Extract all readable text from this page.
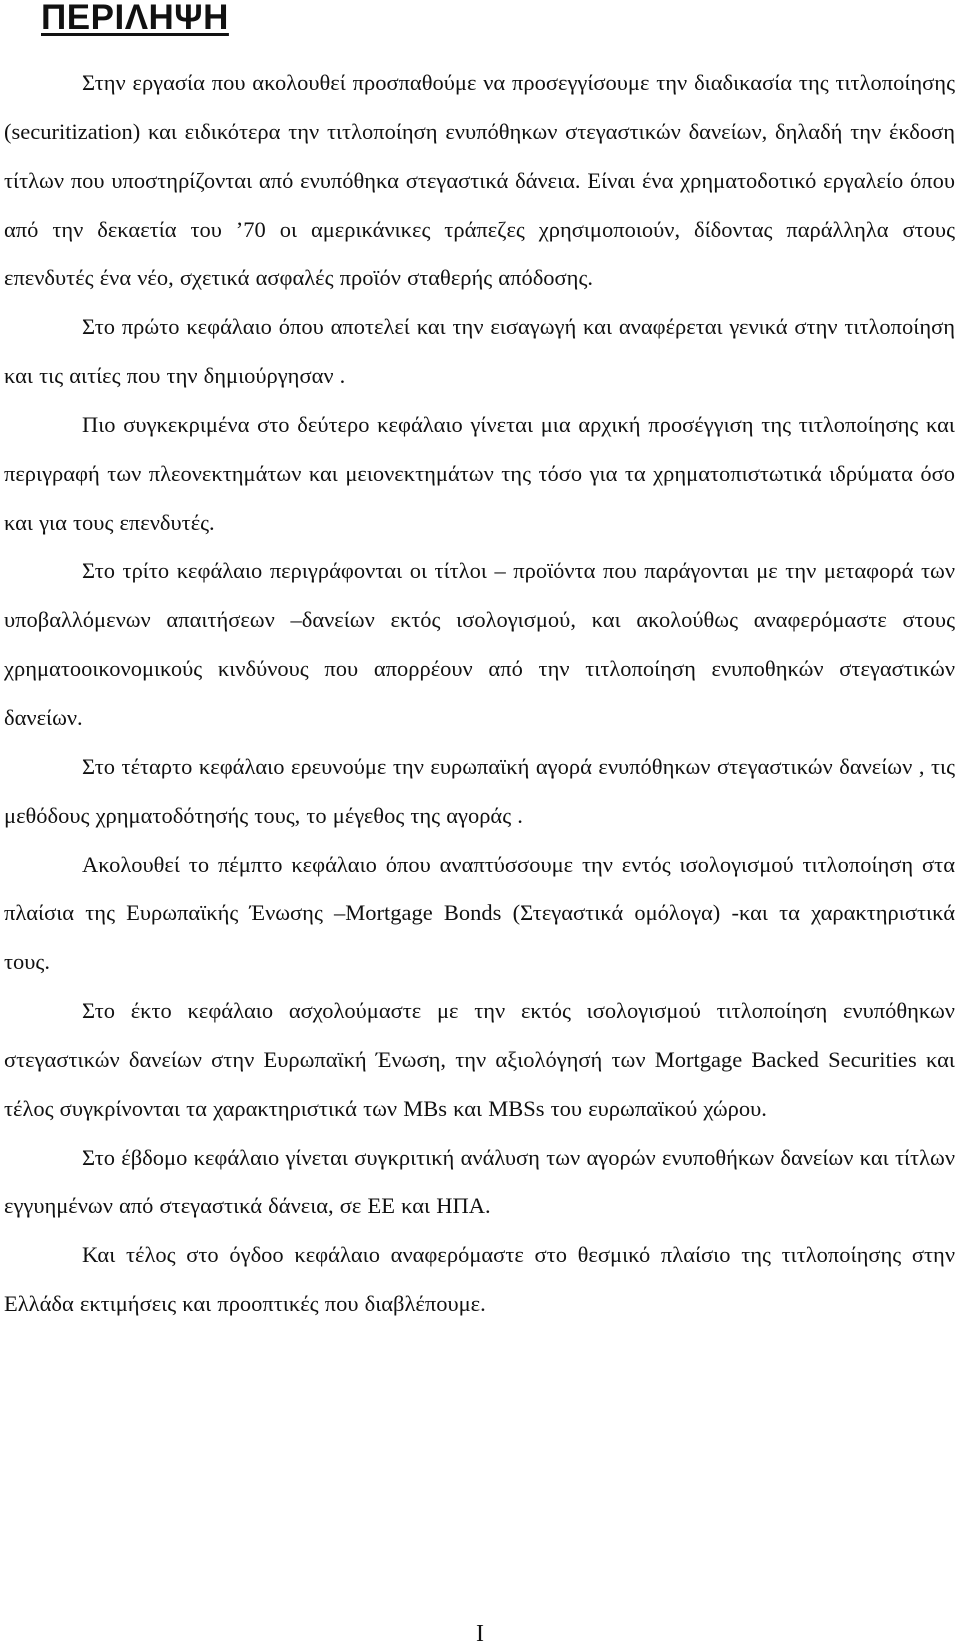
ΠΕΡΙΛΗΨΗ

Στην εργασία που ακολουθεί προσπαθούμε να προσεγγίσουμε την διαδικασία της τιτλοποίησης (securitization) και ειδικότερα την τιτλοποίηση ενυπόθηκων στεγαστικών δανείων, δηλαδή την έκδοση τίτλων που υποστηρίζονται από ενυπόθηκα στεγαστικά δάνεια. Είναι ένα χρηματοδοτικό εργαλείο όπου από την δεκαετία του ’70 οι αμερικάνικες τράπεζες χρησιμοποιούν, δίδοντας παράλληλα στους επενδυτές ένα νέο, σχετικά ασφαλές προϊόν σταθερής απόδοσης.

Στο πρώτο κεφάλαιο όπου αποτελεί και την εισαγωγή και αναφέρεται γενικά στην τιτλοποίηση και τις αιτίες που την δημιούργησαν .

Πιο συγκεκριμένα στο δεύτερο κεφάλαιο γίνεται μια αρχική προσέγγιση της τιτλοποίησης και περιγραφή των πλεονεκτημάτων και μειονεκτημάτων της τόσο για τα χρηματοπιστωτικά ιδρύματα όσο και για τους επενδυτές.

Στο τρίτο κεφάλαιο περιγράφονται οι τίτλοι – προϊόντα που παράγονται με την μεταφορά των υποβαλλόμενων απαιτήσεων –δανείων εκτός ισολογισμού, και ακολούθως αναφερόμαστε στους χρηματοοικονομικούς κινδύνους που απορρέουν από την τιτλοποίηση ενυποθηκών στεγαστικών δανείων.

Στο τέταρτο κεφάλαιο ερευνούμε την ευρωπαϊκή αγορά ενυπόθηκων στεγαστικών δανείων , τις μεθόδους χρηματοδότησής τους, το μέγεθος της αγοράς .

Ακολουθεί το πέμπτο κεφάλαιο όπου αναπτύσσουμε την εντός ισολογισμού τιτλοποίηση στα πλαίσια της Ευρωπαϊκής Ένωσης –Mortgage Bonds (Στεγαστικά ομόλογα) -και τα χαρακτηριστικά τους.

Στο έκτο κεφάλαιο ασχολούμαστε με την εκτός ισολογισμού τιτλοποίηση ενυπόθηκων στεγαστικών δανείων στην Ευρωπαϊκή Ένωση, την αξιολόγησή των Mortgage Backed Securities και τέλος συγκρίνονται τα χαρακτηριστικά των MBs και MBSs του ευρωπαϊκού χώρου.

Στο έβδομο κεφάλαιο γίνεται συγκριτική ανάλυση των αγορών ενυποθήκων δανείων και τίτλων εγγυημένων από στεγαστικά δάνεια, σε ΕΕ και ΗΠΑ.

Και τέλος στο όγδοο κεφάλαιο αναφερόμαστε στο θεσμικό πλαίσιο της τιτλοποίησης στην Ελλάδα εκτιμήσεις και προοπτικές που διαβλέπουμε.

I
